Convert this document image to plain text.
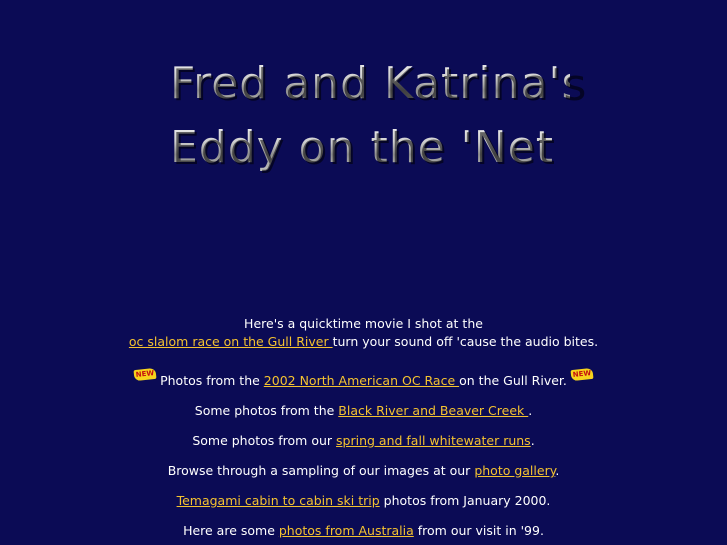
Fred and Katrina's
Eddy on the 'Net

Here's a quicktime movie I shot at the

oc slalom race on the Gull River turn your sound off 'cause the audio bites.

NEW Photos from the 2002 North American OC Race on the Gull River. NEW

Some photos from the Black River and Beaver Creek .

Some photos from our spring and fall whitewater runs.

Browse through a sampling of our images at our photo gallery.

Temagami cabin to cabin ski trip photos from January 2000.

Here are some photos from Australia from our visit in '99.
